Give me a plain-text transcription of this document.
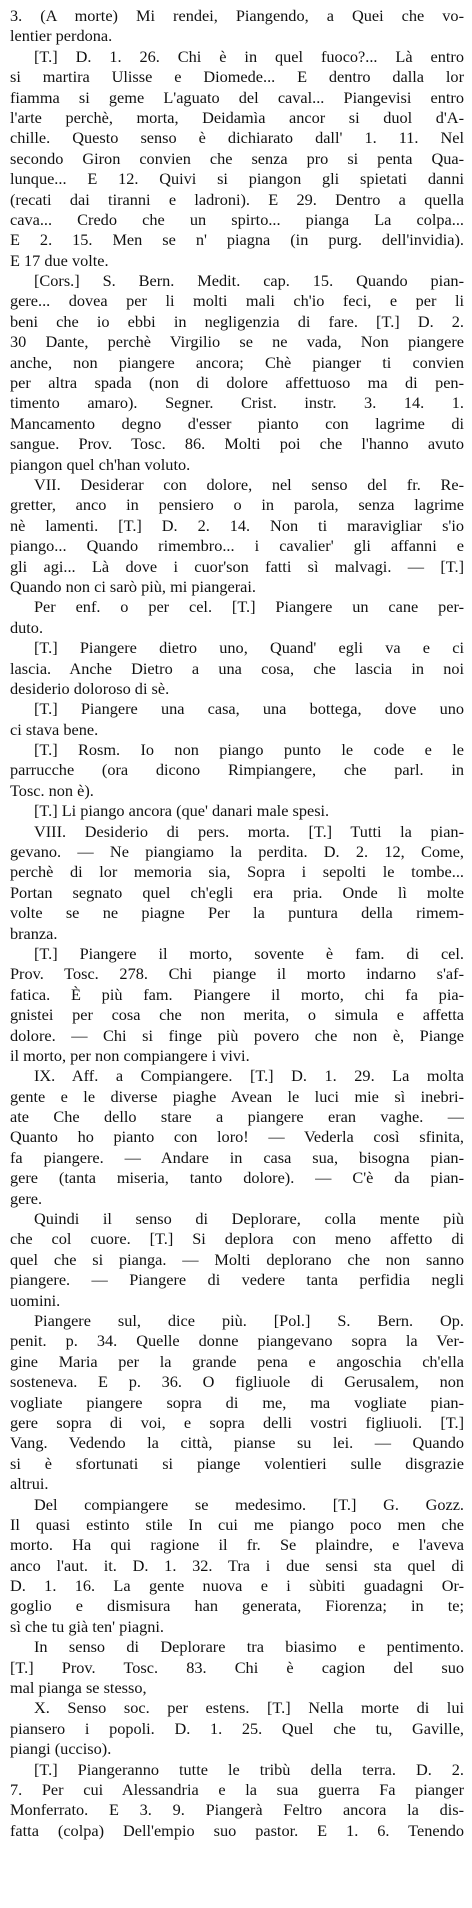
3. (A morte) Mi rendei, Piangendo, a Quei che vo-
lentier perdona.
[T.] D. 1. 26. Chi è in quel fuoco?... Là entro
si martira Ulisse e Diomede... E dentro dalla lor
fiamma si geme L'aguato del caval... Piangevisi entro
l'arte perchè, morta, Deidamìa ancor si duol d'A-
chille. Questo senso è dichiarato dall' 1. 11. Nel
secondo Giron convien che senza pro si penta Qua-
lunque... E 12. Quivi si piangon gli spietati danni
(recati dai tiranni e ladroni). E 29. Dentro a quella
cava... Credo che un spirto... pianga La colpa...
E 2. 15. Men se n' piagna (in purg. dell'invidia).
E 17 due volte.
[Cors.] S. Bern. Medit. cap. 15. Quando pian-
gere... dovea per li molti mali ch'io feci, e per li
beni che io ebbi in negligenzia di fare. [T.] D. 2.
30 Dante, perchè Virgilio se ne vada, Non piangere
anche, non piangere ancora; Chè pianger ti convien
per altra spada (non di dolore affettuoso ma di pen-
timento amaro). Segner. Crist. instr. 3. 14. 1.
Mancamento degno d'esser pianto con lagrime di
sangue. Prov. Tosc. 86. Molti poi che l'hanno avuto
piangon quel ch'han voluto.
VII. Desiderar con dolore, nel senso del fr. Re-
gretter, anco in pensiero o in parola, senza lagrime
nè lamenti. [T.] D. 2. 14. Non ti maravigliar s'io
piango... Quando rimembro... i cavalier' gli affanni e
gli agi... Là dove i cuor'son fatti sì malvagi. — [T.]
Quando non ci sarò più, mi piangerai.
Per enf. o per cel. [T.] Piangere un cane per-
duto.
[T.] Piangere dietro uno, Quand' egli va e ci
lascia. Anche Dietro a una cosa, che lascia in noi
desiderio doloroso di sè.
[T.] Piangere una casa, una bottega, dove uno
ci stava bene.
[T.] Rosm. Io non piango punto le code e le
parrucche (ora dicono Rimpiangere, che parl. in
Tosc. non è).
[T.] Li piango ancora (que' danari male spesi.
VIII. Desiderio di pers. morta. [T.] Tutti la pian-
gevano. — Ne piangiamo la perdita. D. 2. 12, Come,
perchè di lor memoria sia, Sopra i sepolti le tombe...
Portan segnato quel ch'egli era pria. Onde lì molte
volte se ne piagne Per la puntura della rimem-
branza.
[T.] Piangere il morto, sovente è fam. di cel.
Prov. Tosc. 278. Chi piange il morto indarno s'af-
fatica. È più fam. Piangere il morto, chi fa pia-
gnistei per cosa che non merita, o simula e affetta
dolore. — Chi si finge più povero che non è, Piange
il morto, per non compiangere i vivi.
IX. Aff. a Compiangere. [T.] D. 1. 29. La molta
gente e le diverse piaghe Avean le luci mie sì inebri-
ate Che dello stare a piangere eran vaghe. —
Quanto ho pianto con loro! — Vederla così sfinita,
fa piangere. — Andare in casa sua, bisogna pian-
gere (tanta miseria, tanto dolore). — C'è da pian-
gere.
Quindi il senso di Deplorare, colla mente più
che col cuore. [T.] Si deplora con meno affetto di
quel che si pianga. — Molti deplorano che non sanno
piangere. — Piangere di vedere tanta perfidia negli
uomini.
Piangere sul, dice più. [Pol.] S. Bern. Op.
penit. p. 34. Quelle donne piangevano sopra la Ver-
gine Maria per la grande pena e angoschia ch'ella
sosteneva. E p. 36. O figliuole di Gerusalem, non
vogliate piangere sopra di me, ma vogliate pian-
gere sopra di voi, e sopra delli vostri figliuoli. [T.]
Vang. Vedendo la città, pianse su lei. — Quando
si è sfortunati si piange volentieri sulle disgrazie
altrui.
Del compiangere se medesimo. [T.] G. Gozz.
Il quasi estinto stile In cui me piango poco men che
morto. Ha qui ragione il fr. Se plaindre, e l'aveva
anco l'aut. it. D. 1. 32. Tra i due sensi sta quel di
D. 1. 16. La gente nuova e i sùbiti guadagni Or-
goglio e dismisura han generata, Fiorenza; in te;
sì che tu già ten' piagni.
In senso di Deplorare tra biasimo e pentimento.
[T.] Prov. Tosc. 83. Chi è cagion del suo
mal piangа se stesso,
X. Senso soc. per estens. [T.] Nella morte di lui
piansero i popoli. D. 1. 25. Quel che tu, Gaville,
piangi (ucciso).
[T.] Piangeranno tutte le tribù della terra. D. 2.
7. Per cui Alessandria e la sua guerra Fa pianger
Monferrato. E 3. 9. Piangerà Feltro ancora la dis-
fatta (colpa) Dell'empio suo pastor. E 1. 6. Tenendo
